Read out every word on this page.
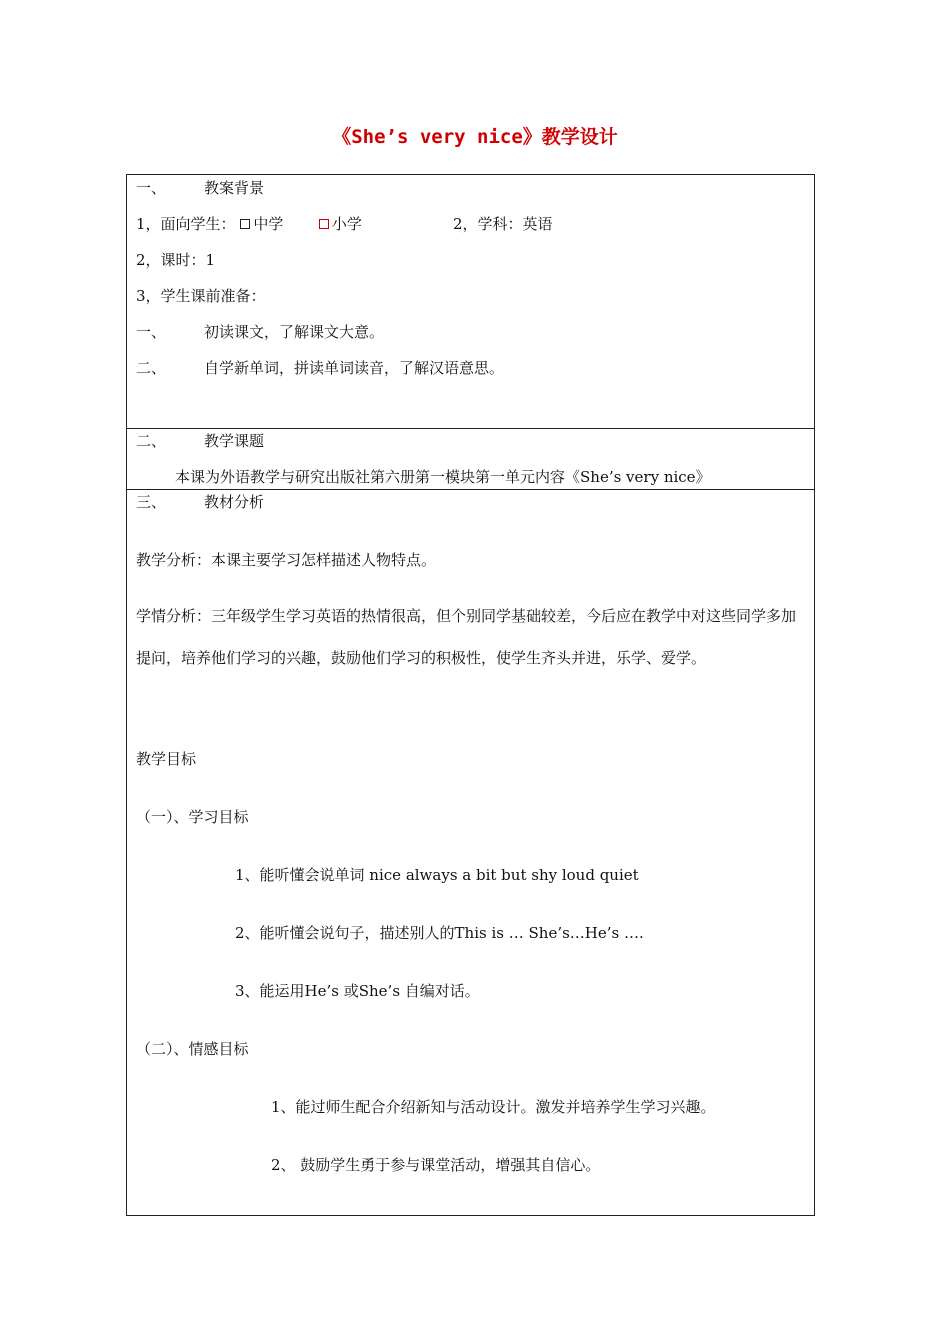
《She’s very nice》教学设计
一、	教案背景
1，面向学生： 中学	小学	2，学科：英语
2，课时：1
3，学生课前准备：
一、	初读课文，了解课文大意。
二、	自学新单词，拼读单词读音，了解汉语意思。
二、	教学课题
本课为外语教学与研究出版社第六册第一模块第一单元内容《She’s very nice》
三、	教材分析
教学分析：本课主要学习怎样描述人物特点。
学情分析：三年级学生学习英语的热情很高，但个别同学基础较差，今后应在教学中对这些同学多加提问，培养他们学习的兴趣，鼓励他们学习的积极性，使学生齐头并进，乐学、爱学。
教学目标
（一）、学习目标
1、能听懂会说单词 nice always a bit but shy loud quiet
2、能听懂会说句子，描述别人的This is … She’s…He’s ….
3、能运用He’s 或She’s 自编对话。
（二）、情感目标
1、能过师生配合介绍新知与活动设计。激发并培养学生学习兴趣。
2、 鼓励学生勇于参与课堂活动，增强其自信心。
